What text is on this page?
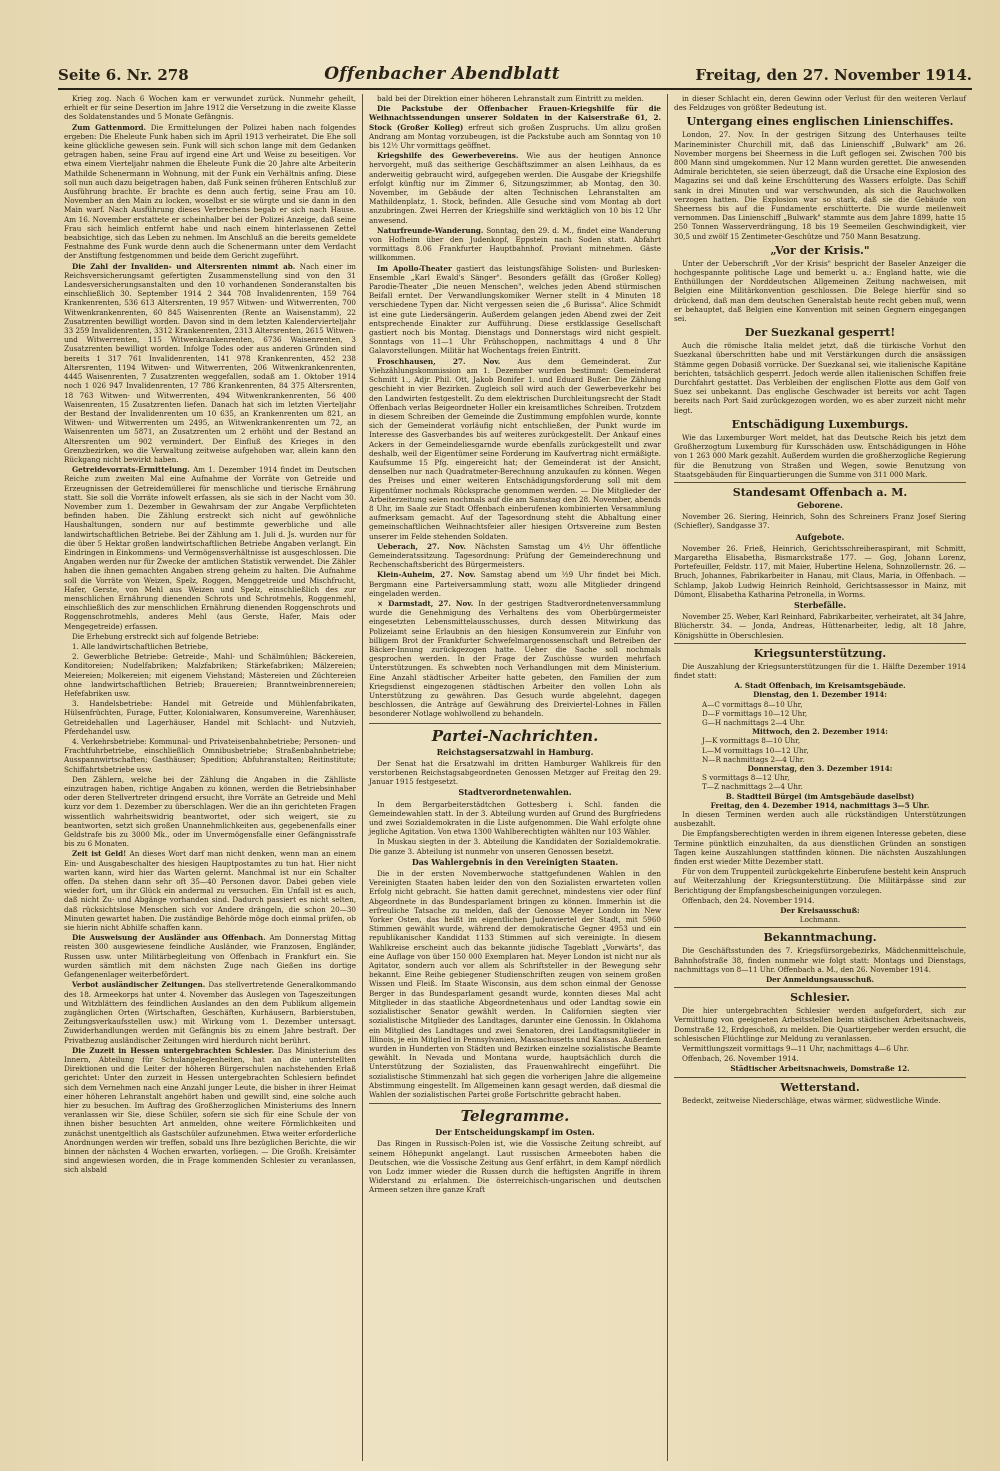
Seite 6. Nr. 278	Offenbacher Abendblatt	Freitag, den 27. November 1914.

Krieg zog. Nach 6 Wochen kam er verwundet zurück. Nunmehr geheilt, erhielt er für seine Desertion im Jahre 1912 die Versetzung in die zweite Klasse des Soldatenstandes und 5 Monate Gefängnis.

Zum Gattenmord. Die Ermittelungen der Polizei haben nach folgendes ergeben: Die Eheleute Funk haben sich im April 1913 verheiratet. Die Ehe soll keine glückliche gewesen sein. Funk will sich schon lange mit dem Gedanken getragen haben, seine Frau auf irgend eine Art und Weise zu beseitigen. Vor etwa einem Vierteljahr nahmen die Eheleute Funk die 20 Jahre alte Arbeiterin Mathilde Schenermann in Wohnung, mit der Funk ein Verhältnis anfing. Diese soll nun auch dazu beigetragen haben, daß Funk seinen früheren Entschluß zur Ausführung brachte. Er brachte es denn auch fertig, seine Frau am 10. November an den Main zu locken, woselbst er sie würgte und sie dann in den Main warf. Nach Ausführung dieses Verbrechens begab er sich nach Hause. Am 16. November erstattete er scheinhalber bei der Polizei Anzeige, daß seine Frau sich heimlich entfernt habe und nach einem hinterlassenen Zettel beabsichtige, sich das Leben zu nehmen. Im Anschluß an die bereits gemeldete Festnahme des Funk wurde denn auch die Schenermann unter dem Verdacht der Anstiftung festgenommen und beide dem Gericht zugeführt.

Die Zahl der Invaliden- und Altersrenten nimmt ab. Nach einer im Reichsversicherungsamt gefertigten Zusammenstellung sind von den 31 Landesversicherungsanstalten und den 10 vorhandenen Sonderanstalten bis einschließlich 30. September 1914 2 344 708 Invalidenrenten, 159 764 Krankenrenten, 536 613 Altersrenten, 19 957 Witwen- und Witwerrenten, 700 Witwenkrankenrenten, 60 845 Waisenrenten (Rente an Waisenstamm), 22 Zusatzrenten bewilligt worden. Davon sind in dem letzten Kalendervierteljahr 33 259 Invalidenrenten, 3312 Krankenrenten, 2313 Altersrenten, 2615 Witwen- und Witwerrenten, 115 Witwenkrankenrenten, 6736 Waisenrenten, 3 Zusatzrenten bewilligt worden. Infolge Todes oder aus anderen Gründen sind bereits 1 317 761 Invalidenrenten, 141 978 Krankenrenten, 452 238 Altersrenten, 1194 Witwen- und Witwerrenten, 206 Witwenkrankenrenten, 4445 Waisenrenten, 7 Zusatzrenten weggefallen, sodaß am 1. Oktober 1914 noch 1 026 947 Invalidenrenten, 17 786 Krankenrenten, 84 375 Altersrenten, 18 763 Witwen- und Witwerrenten, 494 Witwenkrankenrenten, 56 400 Waisenrenten, 15 Zusatzrenten liefen. Danach hat sich im letzten Vierteljahr der Bestand der Invalidenrenten um 10 635, an Krankenrenten um 821, an Witwen- und Witwerrenten um 2495, an Witwenkrankenrenten um 72, an Waisenrenten um 5871, an Zusatzrenten um 2 erhöht und der Bestand an Altersrenten um 902 vermindert. Der Einfluß des Krieges in den Grenzbezirken, wo die Verwaltung zeitweise aufgehoben war, allein kann den Rückgang nicht bewirkt haben.

Getreidevorrats-Ermittelung. Am 1. Dezember 1914 findet im Deutschen Reiche zum zweiten Mal eine Aufnahme der Vorräte von Getreide und Erzeugnissen der Getreidemüllerei für menschliche und tierische Ernährung statt. Sie soll die Vorräte infowelt erfassen, als sie sich in der Nacht vom 30. November zum 1. Dezember in Gewahrsam der zur Angabe Verpflichteten befinden haben. Die Zählung erstreckt sich nicht auf gewöhnliche Haushaltungen, sondern nur auf bestimmte gewerbliche und alle landwirtschaftlichen Betriebe. Bei der Zählung am 1. Juli d. Js. wurden nur für die über 5 Hektar großen landwirtschaftlichen Betriebe Angaben verlangt. Ein Eindringen in Einkommens- und Vermögensverhältnisse ist ausgeschlossen. Die Angaben werden nur für Zwecke der amtlichen Statistik verwendet. Die Zähler haben die ihnen gemachten Angaben streng geheim zu halten. Die Aufnahme soll die Vorräte von Weizen, Spelz, Roggen, Menggetreide und Mischfrucht, Hafer, Gerste, von Mehl aus Weizen und Spelz, einschließlich des zur menschlichen Ernährung dienenden Schrots und Schrotmehls, Roggenmehl, einschließlich des zur menschlichen Ernährung dienenden Roggenschrots und Roggenschrotmehls, anderes Mehl (aus Gerste, Hafer, Mais oder Mengegetreide) erfassen.

Die Erhebung erstreckt sich auf folgende Betriebe:

1. Alle landwirtschaftlichen Betriebe,

2. Gewerbliche Betriebe: Getreide-, Mahl- und Schälmühlen; Bäckereien, Konditoreien; Nudelfabriken; Malzfabriken; Stärkefabriken; Mälzereien; Meiereien; Molkereien; mit eigenem Viehstand; Mästereien und Züchtereien ohne landwirtschaftlichen Betrieb; Brauereien; Branntweinbrennereien; Hefefabriken usw.

3. Handelsbetriebe: Handel mit Getreide und Mühlenfabrikaten, Hülsenfrüchten, Furage, Futter, Kolonialwaren, Konsumvereine, Warenhäuser, Getreidehallen und Lagerhäuser, Handel mit Schlacht- und Nutzvieh, Pferdehandel usw.

4. Verkehrsbetriebe: Kommunal- und Privateisenbahnbetriebe; Personen- und Frachtfuhrbetriebe, einschließlich Omnibusbetriebe; Straßenbahnbetriebe; Ausspannwirtschaften; Gasthäuser; Spedition; Abfuhranstalten; Reitinstitute; Schiffahrtsbetriebe usw.

Den Zählern, welche bei der Zählung die Angaben in die Zählliste einzutragen haben, richtige Angaben zu können, werden die Betriebsinhaber oder deren Stellvertreter dringend ersucht, ihre Vorräte an Getreide und Mehl kurz vor dem 1. Dezember zu überschlagen. Wer die an ihn gerichteten Fragen wissentlich wahrheitswidrig beantwortet, oder sich weigert, sie zu beantworten, setzt sich großen Unannehmlichkeiten aus, gegebenenfalls einer Geldstrafe bis zu 3000 Mk., oder im Unvermögensfalle einer Gefängnisstrafe bis zu 6 Monaten.

Zeit ist Geld! An dieses Wort darf man nicht denken, wenn man an einem Ein- und Ausgabeschalter des hiesigen Hauptpostamtes zu tun hat. Hier nicht warten kann, wird hier das Warten gelernt. Manchmal ist nur ein Schalter offen. Da stehen dann sehr oft 35—40 Personen davor. Dabei geben viele wieder fort, um ihr Glück ein andermal zu versuchen. Ein Unfall ist es auch, daß nicht Zu- und Abgänge vorhanden sind. Dadurch passiert es nicht selten, daß rücksichtslose Menschen sich vor Andere drängeln, die schon 20—30 Minuten gewartet haben. Die zuständige Behörde möge doch einmal prüfen, ob sie hierin nicht Abhilfe schaffen kann.

Die Ausweisung der Ausländer aus Offenbach. Am Donnerstag Mittag reisten 300 ausgewiesene feindliche Ausländer, wie Franzosen, Engländer, Russen usw. unter Militärbegleitung von Offenbach in Frankfurt ein. Sie wurden sämtlich mit dem nächsten Zuge nach Gießen ins dortige Gefangenenlager weiterbefördert.

Verbot ausländischer Zeitungen. Das stellvertretende Generalkommando des 18. Armeekorps hat unter 4. November das Auslegen von Tageszeitungen und Witzblättern des feindlichen Auslandes an den dem Publikum allgemein zugänglichen Orten (Wirtschaften, Geschäften, Kurhäusern, Barbierstuben, Zeitungsverkaufsstellen usw.) mit Wirkung vom 1. Dezember untersagt. Zuwiderhandlungen werden mit Gefängnis bis zu einem Jahre bestraft. Der Privatbezug ausländischer Zeitungen wird hierdurch nicht berührt.

Die Zuzeit in Hessen untergebrachten Schlesier. Das Ministerium des Innern, Abteilung für Schulangelegenheiten, hat an die unterstellten Direktionen und die Leiter der höheren Bürgerschulen nachstehenden Erlaß gerichtet: Unter den zurzeit in Hessen untergebrachten Schlesiern befindet sich dem Vernehmen nach eine Anzahl junger Leute, die bisher in ihrer Heimat einer höheren Lehranstalt angehört haben und gewillt sind, eine solche auch hier zu besuchen. Im Auftrag des Großherzoglichen Ministeriums des Innern veranlassen wir Sie, diese Schüler, sofern sie sich für eine Schule der von ihnen bisher besuchten Art anmelden, ohne weitere Förmlichkeiten und zunächst unentgeltlich als Gastschüler aufzunehmen. Etwa weiter erforderliche Anordnungen werden wir treffen, sobald uns Ihre bezüglichen Berichte, die wir binnen der nächsten 4 Wochen erwarten, vorliegen. — Die Großh. Kreisämter sind angewiesen worden, die in Frage kommenden Schlesier zu veranlassen, sich alsbald

bald bei der Direktion einer höheren Lehranstalt zum Eintritt zu melden.

Die Packstube der Offenbacher Frauen-Kriegshilfe für die Weihnachtssendungen unserer Soldaten in der Kaiserstraße 61, 2. Stock (Großer Kolleg) erfreut sich großen Zuspruchs. Um allzu großen Andrang am Montag vorzubeugen, ist die Packstube auch am Sonntag von 10 bis 12½ Uhr vormittags geöffnet.

Kriegshilfe des Gewerbevereins. Wie aus der heutigen Annonce hervorgeht, muß das seitherige Geschäftszimmer an alsen Leihhaus, da es anderweitig gebraucht wird, aufgegeben werden. Die Ausgabe der Kriegshilfe erfolgt künftig nur im Zimmer 6, Sitzungszimmer, ab Montag, den 30. November, im Gebäude der alten Technischen Lehranstalten am Mathildenplatz, 1. Stock, befinden. Alle Gesuche sind vom Montag ab dort anzubringen. Zwei Herren der Kriegshilfe sind werktäglich von 10 bis 12 Uhr anwesend.

Naturfreunde-Wanderung. Sonntag, den 29. d. M., findet eine Wanderung von Hofheim über den Judenkopf, Eppstein nach Soden statt. Abfahrt vormittags 8.06 Frankfurter Hauptbahnhof. Proviant mitnehmen. Gäste willkommen.

Im Apollo-Theater gastiert das leistungsfähige Solisten- und Burlesken-Ensemble „Karl Ewald's Sänger". Besonders gefällt das (Großer Kolleg) Parodie-Theater „Die neuen Menschen", welches jeden Abend stürmischen Beifall erntet. Der Verwandlungskomiker Werner stellt in 4 Minuten 18 verschiedene Typen dar. Nicht vergessen seien die „6 Burissa". Alice Schmidt ist eine gute Liedersängerin. Außerdem gelangen jeden Abend zwei der Zeit entsprechende Einakter zur Aufführung. Diese erstklassige Gesellschaft gastiert noch bis Montag. Dienstags und Donnerstags wird nicht gespielt. Sonntags von 11—1 Uhr Frühschoppen, nachmittags 4 und 8 Uhr Galavorstellungen. Militär hat Wochentags freien Eintritt.

Froschhausen, 27. Nov. Aus dem Gemeinderat. Zur Viehzählungskommission am 1. Dezember wurden bestimmt: Gemeinderat Schmitt 1., Adjr. Phil. Ott, Jakob Bonifer 1. und Eduard Bußer. Die Zählung geschieht in vier Bezirken. Zugleich soll wird auch der Gewerbeverkehr bei den Landwirten festgestellt. Zu dem elektrischen Durchleitungsrecht der Stadt Offenbach verlas Beigeordneter Holler ein kreisamtliches Schreiben. Trotzdem in diesem Schreiben der Gemeinde die Zustimmung empfohlen wurde, konnte sich der Gemeinderat vorläufig nicht entschließen, der Punkt wurde im Interesse des Gasverbandes bis auf weiteres zurückgestellt. Der Ankauf eines Ackers in der Gemeindeliesgarnde wurde ebenfalls zurückgestellt und zwar deshalb, weil der Eigentümer seine Forderung im Kaufvertrag nicht ermäßigte. Kaufsumme 15 Pfg. eingereicht hat; der Gemeinderat ist der Ansicht, denselben nur nach Quadratmeter-Berechnung anzukaufen zu können. Wegen des Preises und einer weiteren Entschädigungsforderung soll mit dem Eigentümer nochmals Rücksprache genommen werden. — Die Mitglieder der Arbeiterzeitung seien nochmals auf die am Samstag den 28. November, abends 8 Uhr, im Saale zur Stadt Offenbach einberufenen kombinierten Versammlung aufmerksam gemacht. Auf der Tagesordnung steht die Abhaltung einer gemeinschaftlichen Weihnachtsfeier aller hiesigen Ortsvereine zum Besten unserer im Felde stehenden Soldaten.

Ueberach, 27. Nov. Nächsten Samstag um 4½ Uhr öffentliche Gemeinderatssitzung. Tagesordnung: Prüfung der Gemeinderechnung und Rechenschaftsbericht des Bürgermeisters.

Klein-Auheim, 27. Nov. Samstag abend um ½9 Uhr findet bei Mich. Bergmann eine Parteiversammlung statt, wozu alle Mitglieder dringend eingeladen werden.

× Darmstadt, 27. Nov. In der gestrigen Stadtverordnetenversammlung wurde die Genehmigung des Verhaltens des vom Oberbürgermeister eingesetzten Lebensmittelausschusses, durch dessen Mitwirkung das Polizeiamt seine Erlaubnis an den hiesigen Konsumverein zur Einfuhr von billigem Brot der Frankfurter Schwefelmargenossenschaft und Betreiben der Bäcker-Innung zurückgezogen hatte. Ueber die Sache soll nochmals gesprochen werden. In der Frage der Zuschüsse wurden mehrfach Unterstützungen. Es schwebten noch Verhandlungen mit dem Ministerium. Eine Anzahl städtischer Arbeiter hatte gebeten, den Familien der zum Kriegsdienst eingezogenen städtischen Arbeiter den vollen Lohn als Unterstützung zu gewähren. Das Gesuch wurde abgelehnt, dagegen beschlossen, die Anträge auf Gewährung des Dreiviertel-Lohnes in Fällen besonderer Notlage wohlwollend zu behandeln.

Partei-Nachrichten.
Reichstagsersatzwahl in Hamburg.

Der Senat hat die Ersatzwahl im dritten Hamburger Wahlkreis für den verstorbenen Reichstagsabgeordneten Genossen Metzger auf Freitag den 29. Januar 1915 festgesetzt.

Stadtverordnetenwahlen.

In dem Bergarbeiterstädtchen Gottesberg i. Schl. fanden die Gemeindewahlen statt. In der 3. Abteilung wurden auf Grund des Burgfriedens und zwei Sozialdemokraten in die Liste aufgenommen. Die Wahl erfolgte ohne jegliche Agitation. Von etwa 1300 Wahlberechtigten wählten nur 103 Wähler.

In Muskau siegten in der 3. Abteilung die Kandidaten der Sozialdemokratie. Die ganze 3. Abteilung ist nunmehr von unseren Genossen besetzt.

Das Wahlergebnis in den Vereinigten Staaten.

Die in der ersten Novemberwoche stattgefundenen Wahlen in den Vereinigten Staaten haben leider den von den Sozialisten erwarteten vollen Erfolg nicht gebracht. Sie hatten damit gerechnet, mindestens vier oder fünf Abgeordnete in das Bundesparlament bringen zu können. Immerhin ist die erfreuliche Tatsache zu melden, daß der Genosse Meyer London im New Yorker Osten, das heißt im eigentlichen Judenviertel der Stadt, mit 5960 Stimmen gewählt wurde, während der demokratische Gegner 4953 und ein republikanischer Kandidat 1133 Stimmen auf sich vereinigte. In diesem Wahlkreise erscheint auch das bekannte jüdische Tageblatt „Vorwärts", das eine Auflage von über 150 000 Exemplaren hat. Meyer London ist nicht nur als Agitator, sondern auch vor allem als Schriftsteller in der Bewegung sehr bekannt. Eine Reihe gebiegener Studienschriften zeugen von seinem großen Wissen und Fleiß. Im Staate Wisconsin, aus dem schon einmal der Genosse Berger in das Bundesparlament gesandt wurde, konnten dieses Mal acht Mitglieder in das staatliche Abgeordnetenhaus und oder Landtag sowie ein sozialistischer Senator gewählt werden. In Californien siegten vier sozialistische Mitglieder des Landtages, darunter eine Genossin. In Oklahoma ein Mitglied des Landtages und zwei Senatoren, drei Landtagsmitglieder in Illinois, je ein Mitglied in Pennsylvanien, Massachusetts und Kansas. Außerdem wurden in Hunderten von Städten und Bezirken einzelne sozialistische Beamte gewählt. In Nevada und Montana wurde, hauptsächlich durch die Unterstützung der Sozialisten, das Frauenwahlrecht eingeführt. Die sozialistische Stimmenzahl hat sich gegen die vorherigen Jahre die allgemeine Abstimmung eingestellt. Im Allgemeinen kann gesagt werden, daß diesmal die Wahlen der sozialistischen Partei große Fortschritte gebracht haben.

Telegramme.
Der Entscheidungskampf im Osten.

Das Ringen in Russisch-Polen ist, wie die Vossische Zeitung schreibt, auf seinem Höhepunkt angelangt. Laut russischen Armeeboten haben die Deutschen, wie die Vossische Zeitung aus Genf erfährt, in dem Kampf nördlich von Lodz immer wieder die Russen durch die heftigsten Angriffe in ihrem Widerstand zu erlahmen. Die österreichisch-ungarischen und deutschen Armeen setzen ihre ganze Kraft

in dieser Schlacht ein, deren Gewinn oder Verlust für den weiteren Verlauf des Feldzuges von größter Bedeutung ist.

Untergang eines englischen Linienschiffes.

London, 27. Nov. In der gestrigen Sitzung des Unterhauses teilte Marineminister Churchill mit, daß das Linienschiff „Bulwark" am 26. November morgens bei Sheerness in die Luft geflogen sei. Zwischen 700 bis 800 Mann sind umgekommen. Nur 12 Mann wurden gerettet. Die anwesenden Admirale berichteten, sie seien überzeugt, daß die Ursache eine Explosion des Magazins sei und daß keine Erschütterung des Wassers erfolgte. Das Schiff sank in drei Minuten und war verschwunden, als sich die Rauchwolken verzogen hatten. Die Explosion war so stark, daß sie die Gebäude von Sheerness bis auf die Fundamente erschütterte. Die wurde meilenweit vernommen. Das Linienschiff „Bulwark" stammte aus dem Jahre 1899, hatte 15 250 Tonnen Wasserverdrängung, 18 bis 19 Seemeilen Geschwindigkeit, vier 30,5 und zwölf 15 Zentimeter-Geschütze und 750 Mann Besatzung.

„Vor der Krisis."

Unter der Ueberschrift „Vor der Krisis" bespricht der Baseler Anzeiger die hochgespannte politische Lage und bemerkt u. a.: England hatte, wie die Enthüllungen der Norddeutschen Allgemeinen Zeitung nachweisen, mit Belgien eine Militärkonvention geschlossen. Die Belege hierfür sind so drückend, daß man dem deutschen Generalstab heute recht geben muß, wenn er behauptet, daß Belgien eine Konvention mit seinen Gegnern eingegangen sei.

Der Suezkanal gesperrt!

Auch die römische Italia meldet jetzt, daß die türkische Vorhut den Suezkanal überschritten habe und mit Verstärkungen durch die ansässigen Stämme gegen Dobasiß vorrücke. Der Suezkanal sei, wie italienische Kapitäne berichten, tatsächlich gesperrt. Jedoch werde allen italienischen Schiffen freie Durchfahrt gestattet. Das Verbleiben der englischen Flotte aus dem Golf von Suez sei unbekannt. Das englische Geschwader ist bereits vor acht Tagen bereits nach Port Said zurückgezogen worden, wo es aber zurzeit nicht mehr liegt.

Entschädigung Luxemburgs.

Wie das Luxemburger Wort meldet, hat das Deutsche Reich bis jetzt dem Großherzogtum Luxemburg für Kursschäden usw. Entschädigungen in Höhe von 1 263 000 Mark gezahlt. Außerdem wurden die großherzogliche Regierung für die Benutzung von Straßen und Wegen, sowie Benutzung von Staatsgebäuden für Einquartierungen die Summe von 311 000 Mark.

Standesamt Offenbach a. M.
Geborene.

November 26. Siering, Heinrich, Sohn des Schreiners Franz Josef Siering (Schiefler), Sandgasse 37.

Aufgebote.

November 26. Frieß, Heinrich, Gerichtsschreiberaspirant, mit Schmitt, Margaretha Elisabetha, Bismarckstraße 177. — Gog, Johann Lorenz, Portefeuiller, Feldstr. 117, mit Maier, Hubertine Helena, Sohnzollernstr. 26. — Bruch, Johannes, Fabrikarbeiter in Hanau, mit Claus, Maria, in Offenbach. — Schlamp, Jakob Ludwig Heinrich Reinhold, Gerichtsassessor in Mainz, mit Dümont, Elisabetha Katharina Petronella, in Worms.

Sterbefälle.

November 25. Weber, Karl Reinhard, Fabrikarbeiter, verheiratet, alt 34 Jahre, Blücherstr. 34. — Jonda, Andreas, Hüttenarbeiter, ledig, alt 18 Jahre, Königshütte in Oberschlesien.

Kriegsunterstützung.

Die Auszahlung der Kriegsunterstützungen für die 1. Hälfte Dezember 1914 findet statt:

A. Stadt Offenbach, im Kreisamtsgebäude.
Dienstag, den 1. Dezember 1914:
A—C vormittags 8—10 Uhr,
D—F vormittags 10—12 Uhr,
G—H nachmittags 2—4 Uhr.
Mittwoch, den 2. Dezember 1914:
J—K vormittags 8—10 Uhr,
L—M vormittags 10—12 Uhr,
N—R nachmittags 2—4 Uhr.
Donnerstag, den 3. Dezember 1914:
S vormittags 8—12 Uhr,
T—Z nachmittags 2—4 Uhr.
B. Stadtteil Bürgel (im Amtsgebäude daselbst)
Freitag, den 4. Dezember 1914, nachmittags 3—5 Uhr.

In diesen Terminen werden auch alle rückständigen Unterstützungen ausbezahlt.

Die Empfangsberechtigten werden in ihrem eigenen Interesse gebeten, diese Termine pünktlich einzuhalten, da aus dienstlichen Gründen an sonstigen Tagen keine Auszahlungen stattfinden können. Die nächsten Auszahlungen finden erst wieder Mitte Dezember statt.

Für von dem Truppenteil zurückgekehrte Einberufene besteht kein Anspruch auf Weiterzahlung der Kriegsunterstützung. Die Militärpässe sind zur Berichtigung der Empfangsbescheinigungen vorzulegen.

Offenbach, den 24. November 1914.

Der Kreisausschuß:
Lochmann.
Bekanntmachung.

Die Geschäftsstunden des 7. Kriegsfürsorgebezirks, Mädchenmittelschule, Bahnhofstraße 38, finden nunmehr wie folgt statt: Montags und Dienstags, nachmittags von 8—11 Uhr. Offenbach a. M., den 26. November 1914.

Der Anmeldungsausschuß.
Schlesier.

Die hier untergebrachten Schlesier werden aufgefordert, sich zur Vermittlung von geeigneten Arbeitsstellen beim städtischen Arbeitsnachweis, Domstraße 12, Erdgeschoß, zu melden. Die Quartiergeber werden ersucht, die schlesischen Flüchtlinge zur Meldung zu veranlassen.

Vermittlungszeit vormittags 9—11 Uhr, nachmittags 4—6 Uhr.

Offenbach, 26. November 1914.

Städtischer Arbeitsnachweis, Domstraße 12.
Wetterstand.

Bedeckt, zeitweise Niederschläge, etwas wärmer, südwestliche Winde.
